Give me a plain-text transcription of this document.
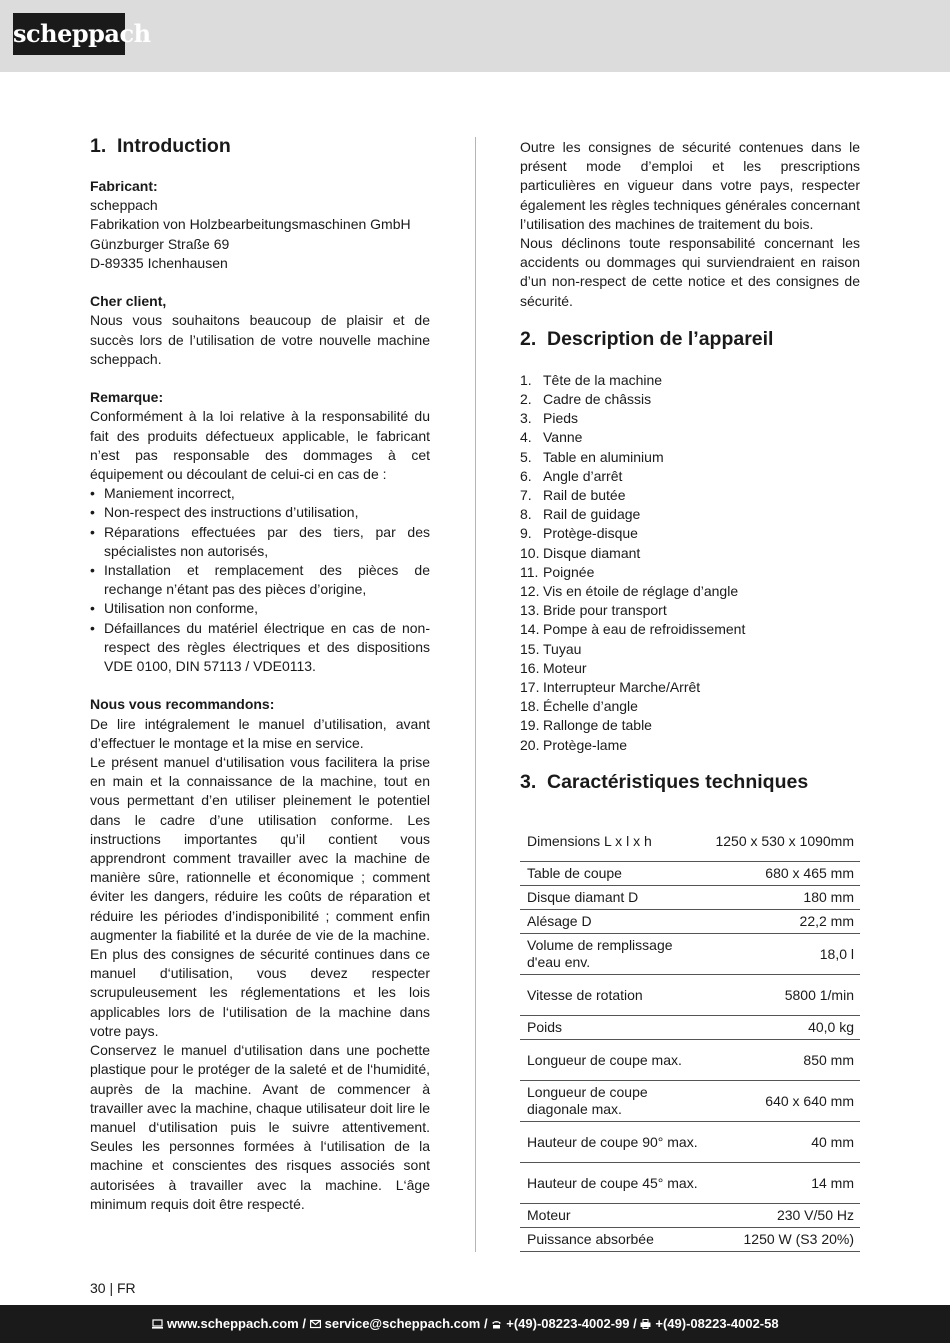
scheppach
1. Introduction

Fabricant:

scheppach

Fabrikation von Holzbearbeitungsmaschinen GmbH

Günzburger Straße 69

D-89335 Ichenhausen

Cher client,

Nous vous souhaitons beaucoup de plaisir et de succès lors de l’utilisation de votre nouvelle machine scheppach.

Remarque:

Conformément à la loi relative à la responsabilité du fait des produits défectueux applicable, le fabricant n’est pas responsable des dommages à cet équipement ou découlant de celui-ci en cas de :

• Maniement incorrect,
• Non-respect des instructions d’utilisation,
• Réparations effectuées par des tiers, par des spécialistes non autorisés,
• Installation et remplacement des pièces de rechange n’étant pas des pièces d’origine,
• Utilisation non conforme,
• Défaillances du matériel électrique en cas de non-respect des règles électriques et des dispositions VDE 0100, DIN 57113 / VDE0113.

Nous vous recommandons:

De lire intégralement le manuel d’utilisation, avant d’effectuer le montage et la mise en service.

Le présent manuel d‘utilisation vous facilitera la prise en main et la connaissance de la machine, tout en vous permettant d’en utiliser pleinement le potentiel dans le cadre d’une utilisation conforme. Les instructions importantes qu’il contient vous apprendront comment travailler avec la machine de manière sûre, rationnelle et économique ; comment éviter les dangers, réduire les coûts de réparation et réduire les périodes d’indisponibilité ; comment enfin augmenter la fiabilité et la durée de vie de la machine. En plus des consignes de sécurité continues dans ce manuel d‘utilisation, vous devez respecter scrupuleusement les réglementations et les lois applicables lors de l‘utilisation de la machine dans votre pays.

Conservez le manuel d‘utilisation dans une pochette plastique pour le protéger de la saleté et de l‘humidité, auprès de la machine. Avant de commencer à travailler avec la machine, chaque utilisateur doit lire le manuel d‘utilisation puis le suivre attentivement. Seules les personnes formées à l‘utilisation de la machine et conscientes des risques associés sont autorisées à travailler avec la machine. L‘âge minimum requis doit être respecté.

Outre les consignes de sécurité contenues dans le présent mode d’emploi et les prescriptions particulières en vigueur dans votre pays, respecter également les règles techniques générales concernant l’utilisation des machines de traitement du bois.

Nous déclinons toute responsabilité concernant les accidents ou dommages qui surviendraient en raison d’un non-respect de cette notice et des consignes de sécurité.

2. Description de l’appareil
1. Tête de la machine
2. Cadre de châssis
3. Pieds
4. Vanne
5. Table en aluminium
6. Angle d’arrêt
7. Rail de butée
8. Rail de guidage
9. Protège-disque
10. Disque diamant
11. Poignée
12. Vis en étoile de réglage d’angle
13. Bride pour transport
14. Pompe à eau de refroidissement
15. Tuyau
16. Moteur
17. Interrupteur Marche/Arrêt
18. Échelle d’angle
19. Rallonge de table
20. Protège-lame
3. Caractéristiques techniques
Dimensions L x l x h	1250 x 530 x 1090mm
Table de coupe	680 x 465 mm
Disque diamant D	180 mm
Alésage D	22,2 mm
Volume de remplissage d'eau env.	18,0 l
Vitesse de rotation	5800 1/min
Poids	40,0 kg
Longueur de coupe max.	850 mm
Longueur de coupe diagonale max.	640 x 640 mm
Hauteur de coupe 90° max.	40 mm
Hauteur de coupe 45° max.	14 mm
Moteur	230 V/50 Hz
Puissance absorbée	1250 W (S3 20%)
30 | FR
www.scheppach.com / service@scheppach.com / +(49)-08223-4002-99 / +(49)-08223-4002-58
